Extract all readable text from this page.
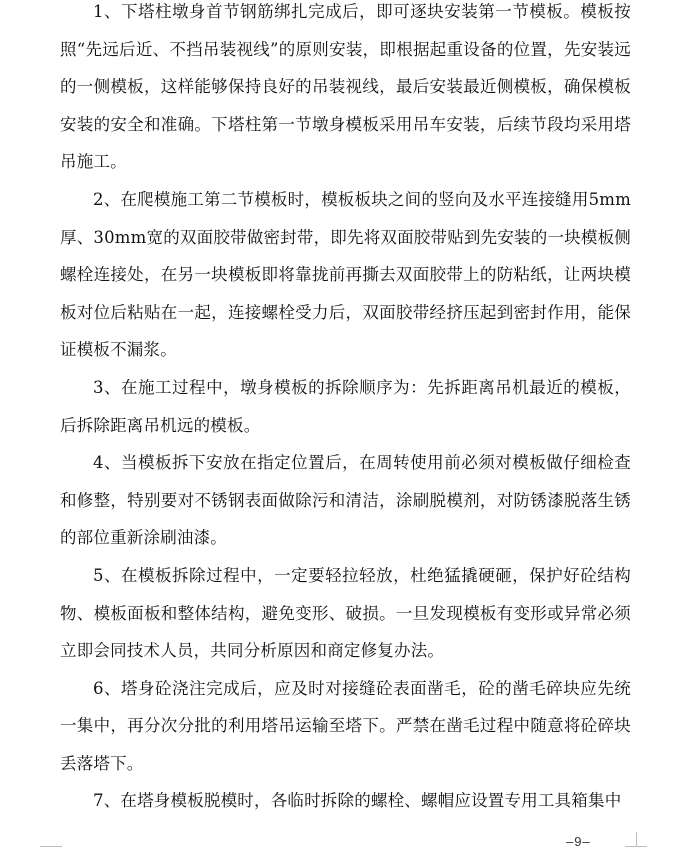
1、下塔柱墩身首节钢筋绑扎完成后，即可逐块安装第一节模板。模板按照“先远后近、不挡吊装视线”的原则安装，即根据起重设备的位置，先安装远的一侧模板，这样能够保持良好的吊装视线，最后安装最近侧模板，确保模板安装的安全和准确。下塔柱第一节墩身模板采用吊车安装，后续节段均采用塔吊施工。

2、在爬模施工第二节模板时，模板板块之间的竖向及水平连接缝用5mm厚、30mm宽的双面胶带做密封带，即先将双面胶带贴到先安装的一块模板侧螺栓连接处，在另一块模板即将靠拢前再撕去双面胶带上的防粘纸，让两块模板对位后粘贴在一起，连接螺栓受力后，双面胶带经挤压起到密封作用，能保证模板不漏浆。

3、在施工过程中，墩身模板的拆除顺序为：先拆距离吊机最近的模板，后拆除距离吊机远的模板。

4、当模板拆下安放在指定位置后，在周转使用前必须对模板做仔细检查和修整，特别要对不锈钢表面做除污和清洁，涂刷脱模剂，对防锈漆脱落生锈的部位重新涂刷油漆。

5、在模板拆除过程中，一定要轻拉轻放，杜绝猛撬硬砸，保护好砼结构物、模板面板和整体结构，避免变形、破损。一旦发现模板有变形或异常必须立即会同技术人员，共同分析原因和商定修复办法。

6、塔身砼浇注完成后，应及时对接缝砼表面凿毛，砼的凿毛碎块应先统一集中，再分次分批的利用塔吊运输至塔下。严禁在凿毛过程中随意将砼碎块丢落塔下。

7、在塔身模板脱模时，各临时拆除的螺栓、螺帽应设置专用工具箱集中

–9–
